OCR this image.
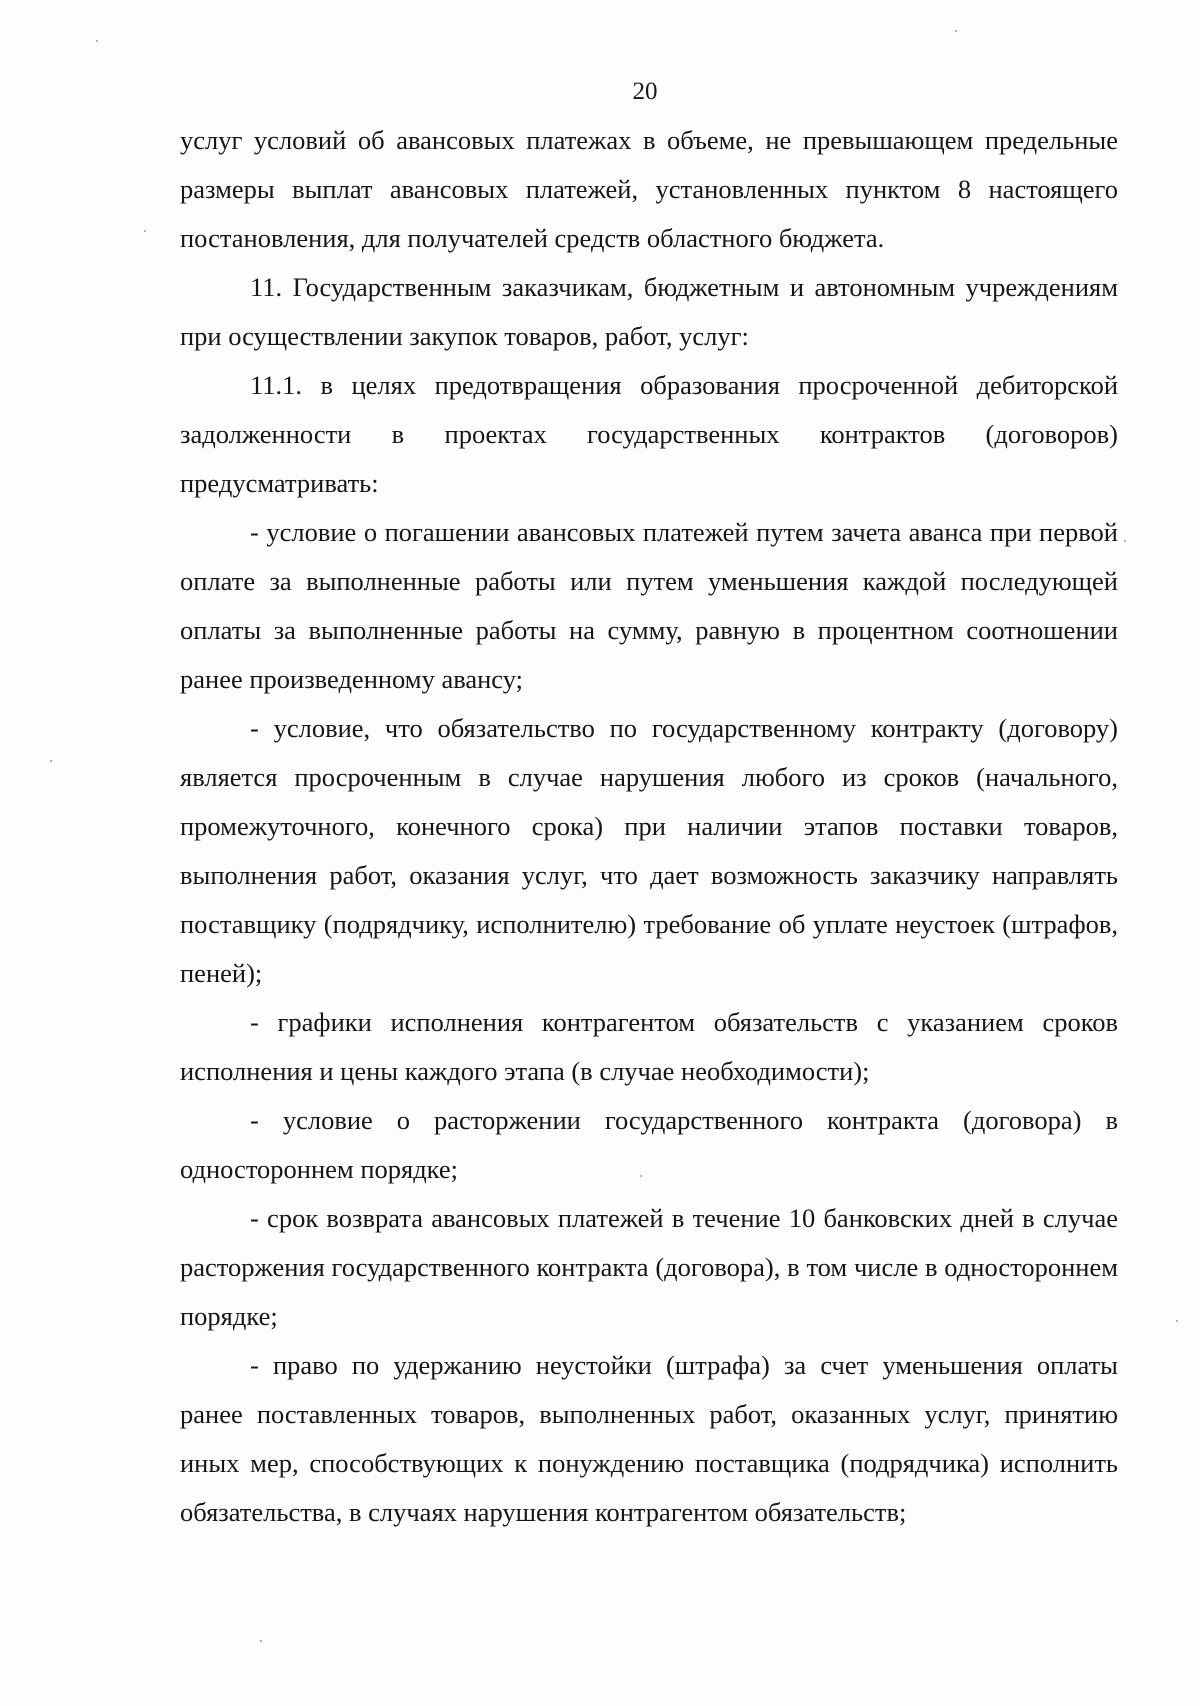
20

услуг условий об авансовых платежах в объеме, не превышающем предельные размеры выплат авансовых платежей, установленных пунктом 8 настоящего постановления, для получателей средств областного бюджета.

11. Государственным заказчикам, бюджетным и автономным учреждениям при осуществлении закупок товаров, работ, услуг:

11.1. в целях предотвращения образования просроченной дебиторской задолженности в проектах государственных контрактов (договоров) предусматривать:

- условие о погашении авансовых платежей путем зачета аванса при первой оплате за выполненные работы или путем уменьшения каждой последующей оплаты за выполненные работы на сумму, равную в процентном соотношении ранее произведенному авансу;

- условие, что обязательство по государственному контракту (договору) является просроченным в случае нарушения любого из сроков (начального, промежуточного, конечного срока) при наличии этапов поставки товаров, выполнения работ, оказания услуг, что дает возможность заказчику направлять поставщику (подрядчику, исполнителю) требование об уплате неустоек (штрафов, пеней);

- графики исполнения контрагентом обязательств с указанием сроков исполнения и цены каждого этапа (в случае необходимости);

- условие о расторжении государственного контракта (договора) в одностороннем порядке;

- срок возврата авансовых платежей в течение 10 банковских дней в случае расторжения государственного контракта (договора), в том числе в одностороннем порядке;

- право по удержанию неустойки (штрафа) за счет уменьшения оплаты ранее поставленных товаров, выполненных работ, оказанных услуг, принятию иных мер, способствующих к понуждению поставщика (подрядчика) исполнить обязательства, в случаях нарушения контрагентом обязательств;
